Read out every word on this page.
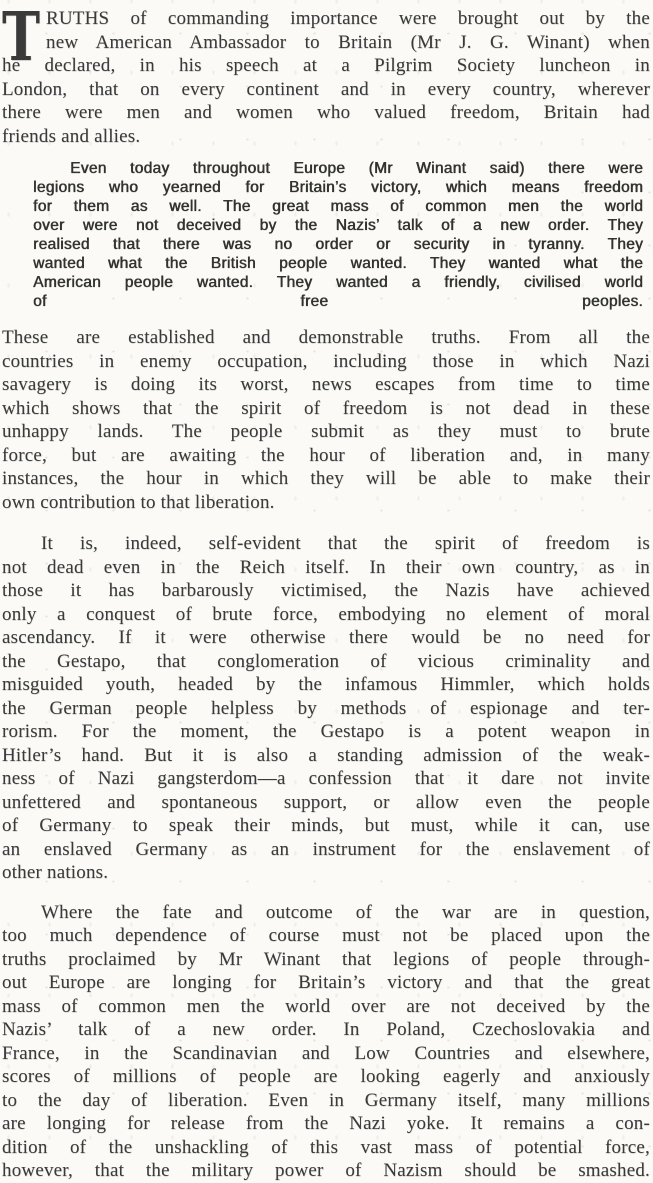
T RUTHS of commanding importance were brought out by the
new American Ambassador to Britain (Mr J. G. Winant) when
he declared, in his speech at a Pilgrim Society luncheon in
London, that on every continent and in every country, wherever
there were men and women who valued freedom, Britain had
friends and allies.
Even today throughout Europe (Mr Winant said) there were
legions who yearned for Britain’s victory, which means freedom
for them as well. The great mass of common men the world
over were not deceived by the Nazis’ talk of a new order. They
realised that there was no order or security in tyranny. They
wanted what the British people wanted. They wanted what the
American people wanted. They wanted a friendly, civilised world
of free peoples.
These are established and demonstrable truths. From all the
countries in enemy occupation, including those in which Nazi
savagery is doing its worst, news escapes from time to time
which shows that the spirit of freedom is not dead in these
unhappy lands. The people submit as they must to brute
force, but are awaiting the hour of liberation and, in many
instances, the hour in which they will be able to make their
own contribution to that liberation.
It is, indeed, self-evident that the spirit of freedom is
not dead even in the Reich itself. In their own country, as in
those it has barbarously victimised, the Nazis have achieved
only a conquest of brute force, embodying no element of moral
ascendancy. If it were otherwise there would be no need for
the Gestapo, that conglomeration of vicious criminality and
misguided youth, headed by the infamous Himmler, which holds
the German people helpless by methods of espionage and ter-
rorism. For the moment, the Gestapo is a potent weapon in
Hitler’s hand. But it is also a standing admission of the weak-
ness of Nazi gangsterdom—a confession that it dare not invite
unfettered and spontaneous support, or allow even the people
of Germany to speak their minds, but must, while it can, use
an enslaved Germany as an instrument for the enslavement of
other nations.
Where the fate and outcome of the war are in question,
too much dependence of course must not be placed upon the
truths proclaimed by Mr Winant that legions of people through-
out Europe are longing for Britain’s victory and that the great
mass of common men the world over are not deceived by the
Nazis’ talk of a new order. In Poland, Czechoslovakia and
France, in the Scandinavian and Low Countries and elsewhere,
scores of millions of people are looking eagerly and anxiously
to the day of liberation. Even in Germany itself, many millions
are longing for release from the Nazi yoke. It remains a con-
dition of the unshackling of this vast mass of potential force,
however, that the military power of Nazism should be smashed.
